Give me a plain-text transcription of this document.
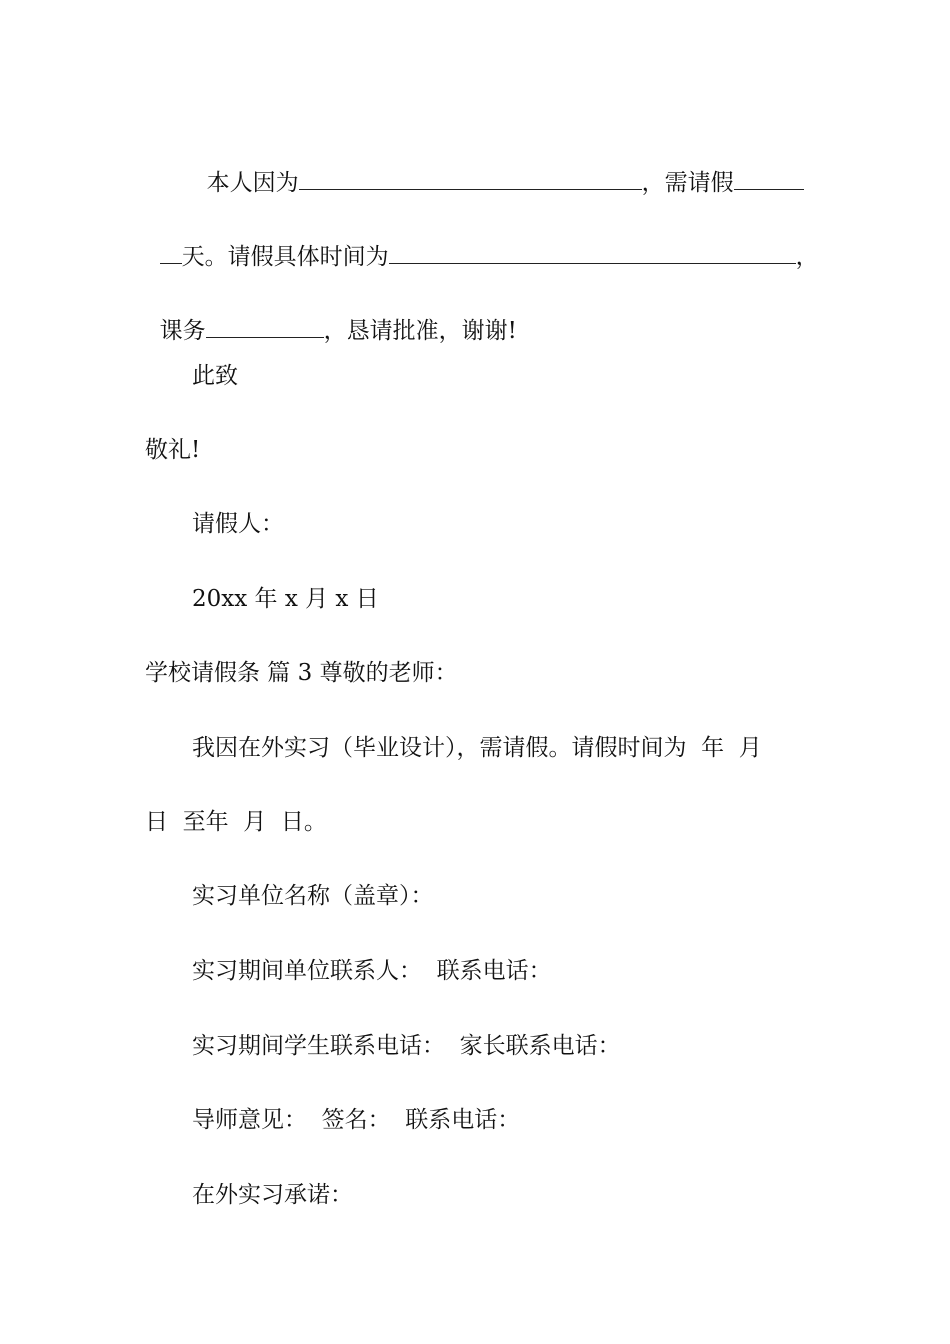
本人因为	，需请假

天。请假具体时间为	，

课务	，恳请批准，谢谢!

此致
敬礼!
请假人：
20xx 年 x 月 x 日
学校请假条 篇 3 尊敬的老师：
我因在外实习（毕业设计），需请假。请假时间为  年  月
日  至年  月  日。
实习单位名称（盖章）：
实习期间单位联系人：  联系电话：
实习期间学生联系电话：  家长联系电话：
导师意见：  签名：  联系电话：
在外实习承诺：
